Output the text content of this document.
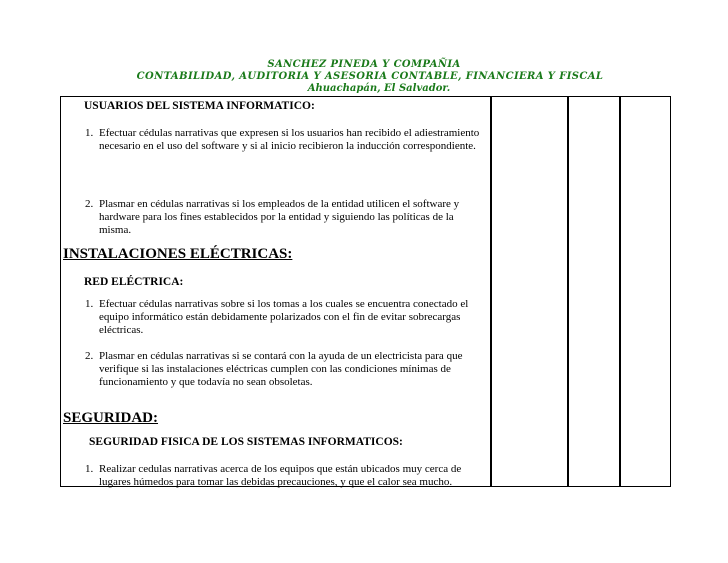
SANCHEZ PINEDA Y COMPAÑIA
CONTABILIDAD, AUDITORIA Y ASESORIA CONTABLE, FINANCIERA Y FISCAL
Ahuachapán, El Salvador.
USUARIOS DEL SISTEMA INFORMATICO:
1. Efectuar cédulas narrativas que expresen si los usuarios han recibido el adiestramiento necesario en el uso del software y si al inicio recibieron la inducción correspondiente.
2. Plasmar en cédulas narrativas si los empleados de la entidad utilicen el software y hardware para los fines establecidos por la entidad y siguiendo las políticas de la misma.
INSTALACIONES ELÉCTRICAS:
RED ELÉCTRICA:
1. Efectuar cédulas narrativas sobre si los tomas a los cuales se encuentra conectado el equipo informático están debidamente polarizados con el fin de evitar sobrecargas eléctricas.
2. Plasmar en cédulas narrativas si se contará con la ayuda de un electricista para que verifique si las instalaciones eléctricas cumplen con las condiciones mínimas de funcionamiento y que todavía no sean obsoletas.
SEGURIDAD:
SEGURIDAD FISICA DE LOS SISTEMAS INFORMATICOS:
1. Realizar cedulas narrativas acerca de los equipos que están ubicados muy cerca de lugares húmedos para tomar las debidas precauciones, y que el calor sea mucho.
